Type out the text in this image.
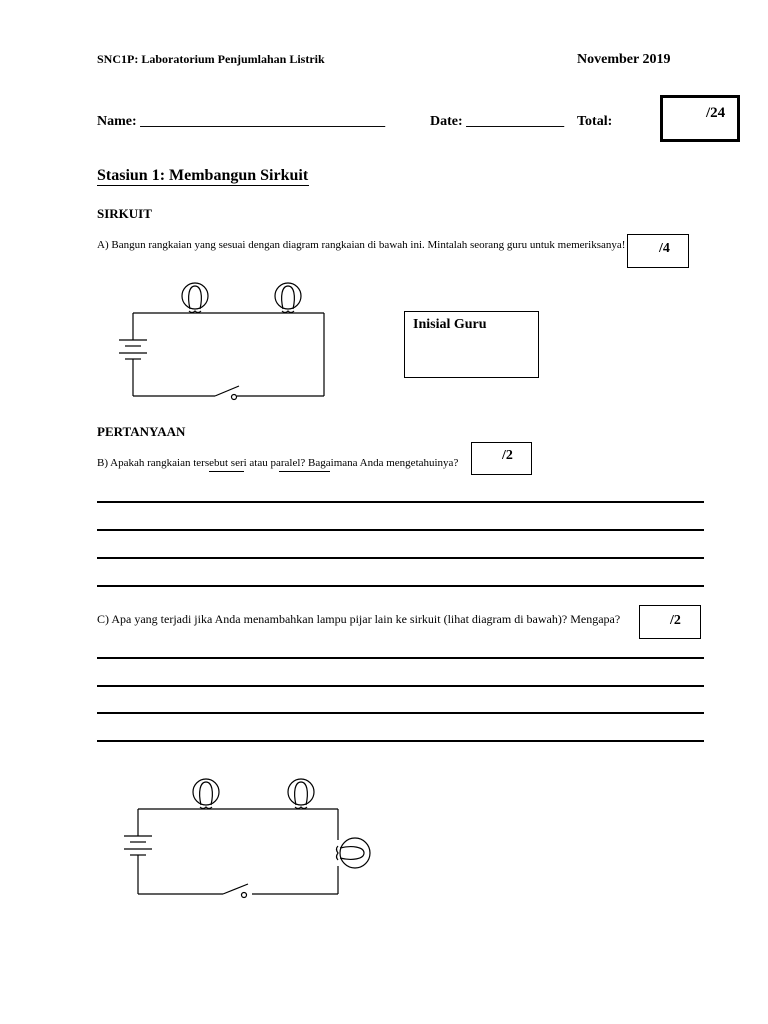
SNC1P: Laboratorium Penjumlahan Listrik	November 2019
Name: ___________________________________	Date: ______________ Total:
/24
Stasiun 1: Membangun Sirkuit
SIRKUIT
A) Bangun rangkaian yang sesuai dengan diagram rangkaian di bawah ini. Mintalah seorang guru untuk memeriksanya! /4
Inisial Guru
PERTANYAAN
B) Apakah rangkaian tersebut seri atau paralel? Bagaimana Anda mengetahuinya?	/2
C) Apa yang terjadi jika Anda menambahkan lampu pijar lain ke sirkuit (lihat diagram di bawah)? Mengapa?	/2
